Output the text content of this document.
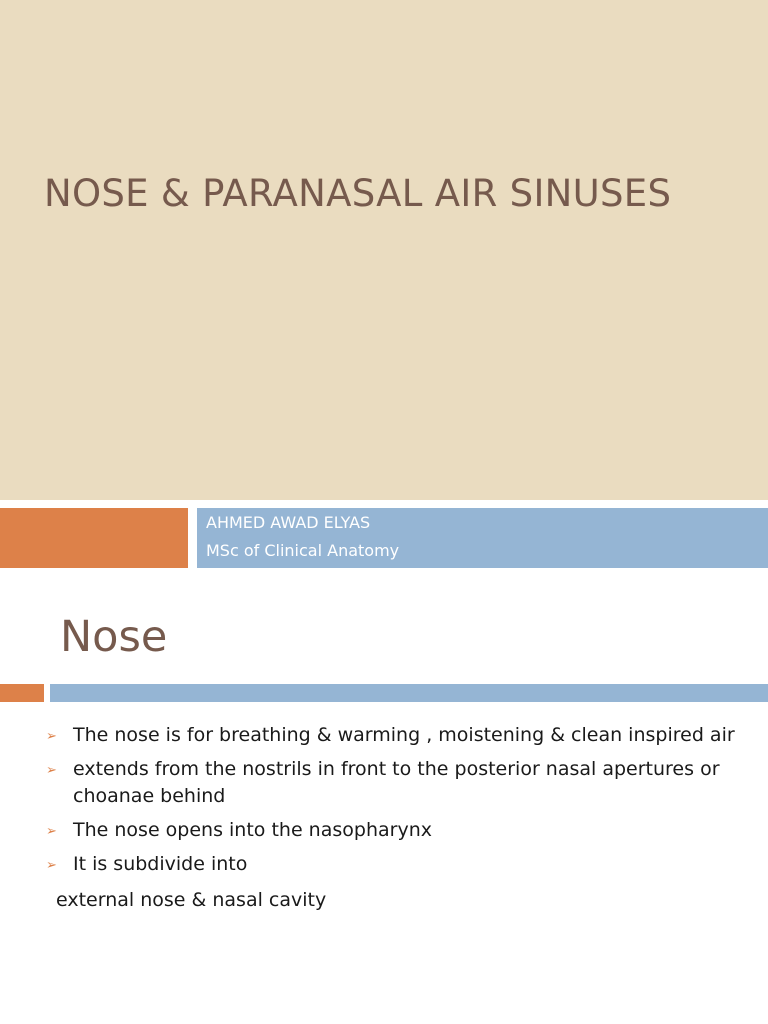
NOSE & PARANASAL AIR SINUSES
AHMED AWAD ELYAS
MSc of Clinical Anatomy
Nose
➢ The nose is for breathing & warming , moistening & clean inspired air
➢ extends from the nostrils in front to the posterior nasal apertures or choanae behind
➢ The nose opens into the nasopharynx
➢ It is subdivide into
external nose & nasal cavity
